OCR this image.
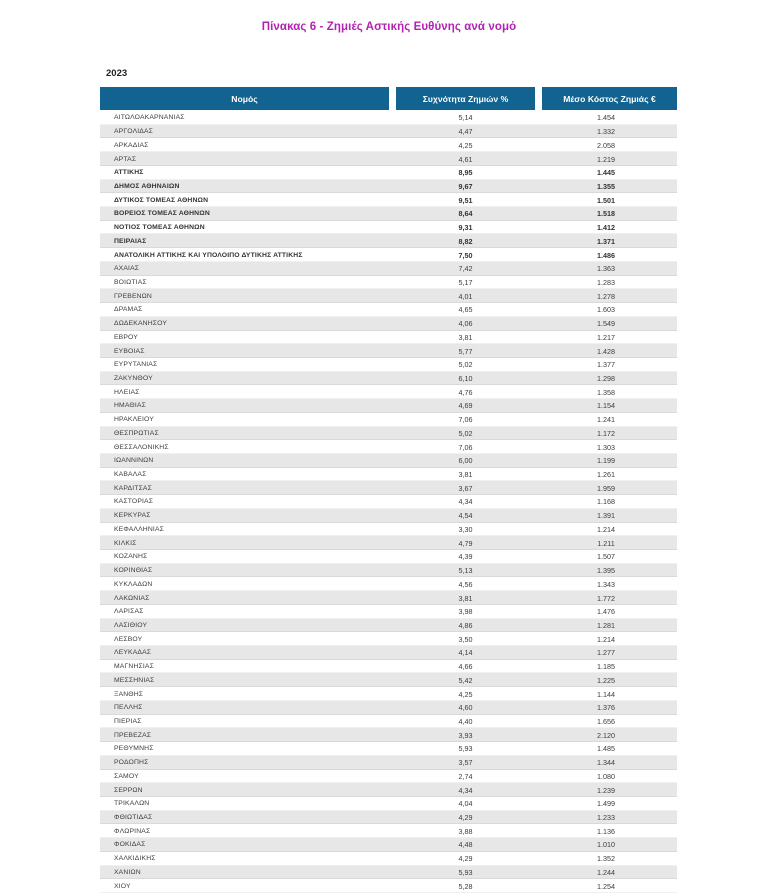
Πίνακας 6 - Ζημιές Αστικής Ευθύνης ανά νομό
2023
Νομός	Συχνότητα Ζημιών %	Μέσο Κόστος Ζημιάς €
ΑΙΤΩΛΟΑΚΑΡΝΑΝΙΑΣ	5,14	1.454
ΑΡΓΟΛΙΔΑΣ	4,47	1.332
ΑΡΚΑΔΙΑΣ	4,25	2.058
ΑΡΤΑΣ	4,61	1.219
ΑΤΤΙΚΗΣ	8,95	1.445
ΔΗΜΟΣ ΑΘΗΝΑΙΩΝ	9,67	1.355
ΔΥΤΙΚΟΣ ΤΟΜΕΑΣ ΑΘΗΝΩΝ	9,51	1.501
ΒΟΡΕΙΟΣ ΤΟΜΕΑΣ ΑΘΗΝΩΝ	8,64	1.518
ΝΟΤΙΟΣ ΤΟΜΕΑΣ ΑΘΗΝΩΝ	9,31	1.412
ΠΕΙΡΑΙΑΣ	8,82	1.371
ΑΝΑΤΟΛΙΚΗ ΑΤΤΙΚΗΣ ΚΑΙ ΥΠΟΛΟΙΠΟ ΔΥΤΙΚΗΣ ΑΤΤΙΚΗΣ	7,50	1.486
ΑΧΑΙΑΣ	7,42	1.363
ΒΟΙΩΤΙΑΣ	5,17	1.283
ΓΡΕΒΕΝΩΝ	4,01	1.278
ΔΡΑΜΑΣ	4,65	1.603
ΔΩΔΕΚΑΝΗΣΟΥ	4,06	1.549
ΕΒΡΟΥ	3,81	1.217
ΕΥΒΟΙΑΣ	5,77	1.428
ΕΥΡΥΤΑΝΙΑΣ	5,02	1.377
ΖΑΚΥΝΘΟΥ	6,10	1.298
ΗΛΕΙΑΣ	4,76	1.358
ΗΜΑΘΙΑΣ	4,69	1.154
ΗΡΑΚΛΕΙΟΥ	7,06	1.241
ΘΕΣΠΡΩΤΙΑΣ	5,02	1.172
ΘΕΣΣΑΛΟΝΙΚΗΣ	7,06	1.303
ΙΩΑΝΝΙΝΩΝ	6,00	1.199
ΚΑΒΑΛΑΣ	3,81	1.261
ΚΑΡΔΙΤΣΑΣ	3,67	1.959
ΚΑΣΤΟΡΙΑΣ	4,34	1.168
ΚΕΡΚΥΡΑΣ	4,54	1.391
ΚΕΦΑΛΛΗΝΙΑΣ	3,30	1.214
ΚΙΛΚΙΣ	4,79	1.211
ΚΟΖΑΝΗΣ	4,39	1.507
ΚΟΡΙΝΘΙΑΣ	5,13	1.395
ΚΥΚΛΑΔΩΝ	4,56	1.343
ΛΑΚΩΝΙΑΣ	3,81	1.772
ΛΑΡΙΣΑΣ	3,98	1.476
ΛΑΣΙΘΙΟΥ	4,86	1.281
ΛΕΣΒΟΥ	3,50	1.214
ΛΕΥΚΑΔΑΣ	4,14	1.277
ΜΑΓΝΗΣΙΑΣ	4,66	1.185
ΜΕΣΣΗΝΙΑΣ	5,42	1.225
ΞΑΝΘΗΣ	4,25	1.144
ΠΕΛΛΗΣ	4,60	1.376
ΠΙΕΡΙΑΣ	4,40	1.656
ΠΡΕΒΕΖΑΣ	3,93	2.120
ΡΕΘΥΜΝΗΣ	5,93	1.485
ΡΟΔΟΠΗΣ	3,57	1.344
ΣΑΜΟΥ	2,74	1.080
ΣΕΡΡΩΝ	4,34	1.239
ΤΡΙΚΑΛΩΝ	4,04	1.499
ΦΘΙΩΤΙΔΑΣ	4,29	1.233
ΦΛΩΡΙΝΑΣ	3,88	1.136
ΦΟΚΙΔΑΣ	4,48	1.010
ΧΑΛΚΙΔΙΚΗΣ	4,29	1.352
ΧΑΝΙΩΝ	5,93	1.244
ΧΙΟΥ	5,28	1.254
